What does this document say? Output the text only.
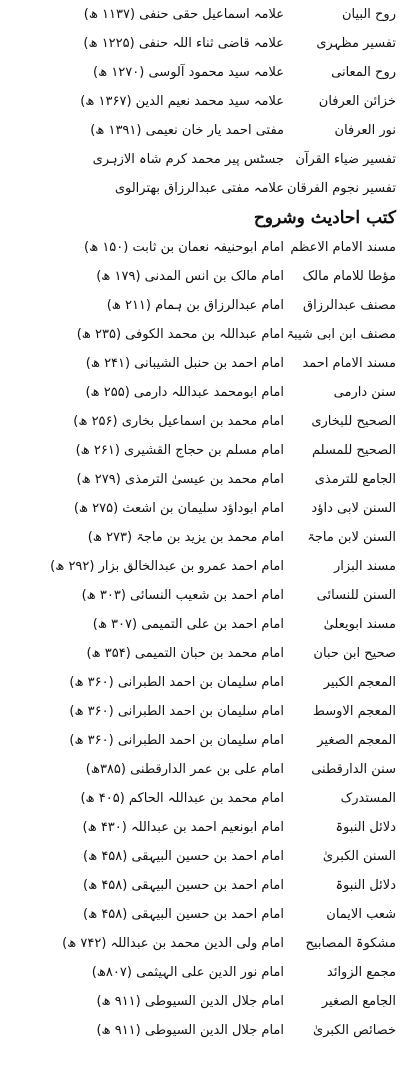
روح البیان
علامہ اسماعیل حقی حنفی (۱۱۳۷ ھ)
تفسیر مظہری
علامہ قاضی ثناء اللہ حنفی (۱۲۲۵ ھ)
روح المعانی
علامہ سید محمود آلوسی (۱۲۷۰ ھ)
خزائن العرفان
علامہ سید محمد نعیم الدین (۱۳۶۷ ھ)
نور العرفان
مفتی احمد یار خان نعیمی (۱۳۹۱ ھ)
تفسیر ضیاء القرآن
جسٹس پیر محمد کرم شاہ الازہری
تفسیر نجوم الفرقان
علامہ مفتی عبدالرزاق بھترالوی
کتب احادیث وشروح
مسند الامام الاعظم
امام ابوحنیفہ نعمان بن ثابت (۱۵۰ ھ)
مؤطا للامام مالک
امام مالک بن انس المدنی (۱۷۹ ھ)
مصنف عبدالرزاق
امام عبدالرزاق بن ہمام (۲۱۱ ھ)
مصنف ابن ابی شیبۃ
امام عبداللہ بن محمد الکوفی (۲۳۵ ھ)
مسند الامام احمد
امام احمد بن حنبل الشیبانی (۲۴۱ ھ)
سنن دارمی
امام ابومحمد عبداللہ دارمی (۲۵۵ ھ)
الصحیح للبخاری
امام محمد بن اسماعیل بخاری (۲۵۶ ھ)
الصحیح للمسلم
امام مسلم بن حجاج القشیری (۲۶۱ ھ)
الجامع للترمذی
امام محمد بن عیسیٰ الترمذی (۲۷۹ ھ)
السنن لابی داؤد
امام ابوداؤد سلیمان بن اشعث (۲۷۵ ھ)
السنن لابن ماجۃ
امام محمد بن یزید بن ماجۃ (۲۷۳ ھ)
مسند البزار
امام احمد عمرو بن عبدالخالق بزار (۲۹۲ ھ)
السنن للنسائی
امام احمد بن شعیب النسائی (۳۰۳ ھ)
مسند ابویعلیٰ
امام احمد بن علی التمیمی (۳۰۷ ھ)
صحیح ابن حبان
امام محمد بن حبان التمیمی (۳۵۴ ھ)
المعجم الکبیر
امام سلیمان بن احمد الطبرانی (۳۶۰ ھ)
المعجم الاوسط
امام سلیمان بن احمد الطبرانی (۳۶۰ ھ)
المعجم الصغیر
امام سلیمان بن احمد الطبرانی (۳۶۰ ھ)
سنن الدارقطنی
امام علی بن عمر الدارقطنی (۳۸۵ھ)
المستدرک
امام محمد بن عبداللہ الحاکم (۴۰۵ ھ)
دلائل النبوۃ
امام ابونعیم احمد بن عبداللہ (۴۳۰ ھ)
السنن الکبریٰ
امام احمد بن حسین البیہقی (۴۵۸ ھ)
دلائل النبوۃ
امام احمد بن حسین البیہقی (۴۵۸ ھ)
شعب الایمان
امام احمد بن حسین البیہقی (۴۵۸ ھ)
مشکوۃ المصابیح
امام ولی الدین محمد بن عبداللہ (۷۴۲ ھ)
مجمع الزوائد
امام نور الدین علی الہیثمی (۸۰۷ھ)
الجامع الصغیر
امام جلال الدین السیوطی (۹۱۱ ھ)
خصائص الکبریٰ
امام جلال الدین السیوطی (۹۱۱ ھ)
